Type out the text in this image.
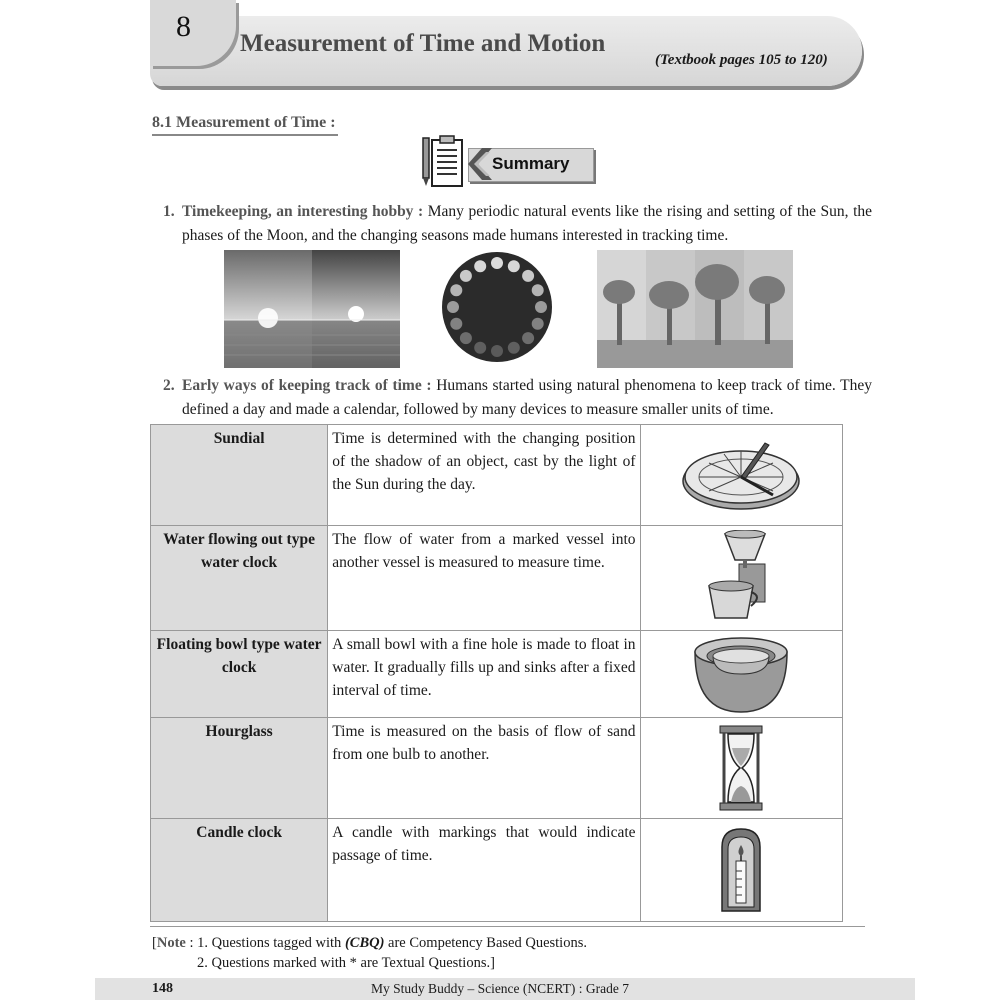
8
Measurement of Time and Motion
(Textbook pages 105 to 120)
8.1 Measurement of Time :
Summary
1. Timekeeping, an interesting hobby : Many periodic natural events like the rising and setting of the Sun, the phases of the Moon, and the changing seasons made humans interested in tracking time.
2. Early ways of keeping track of time : Humans started using natural phenomena to keep track of time. They defined a day and made a calendar, followed by many devices to measure smaller units of time.
Sundial	Time is determined with the changing position of the shadow of an object, cast by the light of the Sun during the day.	

Water flowing out type water clock	The flow of water from a marked vessel into another vessel is measured to measure time.	

Floating bowl type water clock	A small bowl with a fine hole is made to float in water. It gradually fills up and sinks after a fixed interval of time.	

Hourglass	Time is measured on the basis of flow of sand from one bulb to another.	

Candle clock	A candle with markings that would indicate passage of time.	
[Note : 1. Questions tagged with (CBQ) are Competency Based Questions.
2. Questions marked with * are Textual Questions.]
148	My Study Buddy – Science (NCERT) : Grade 7
